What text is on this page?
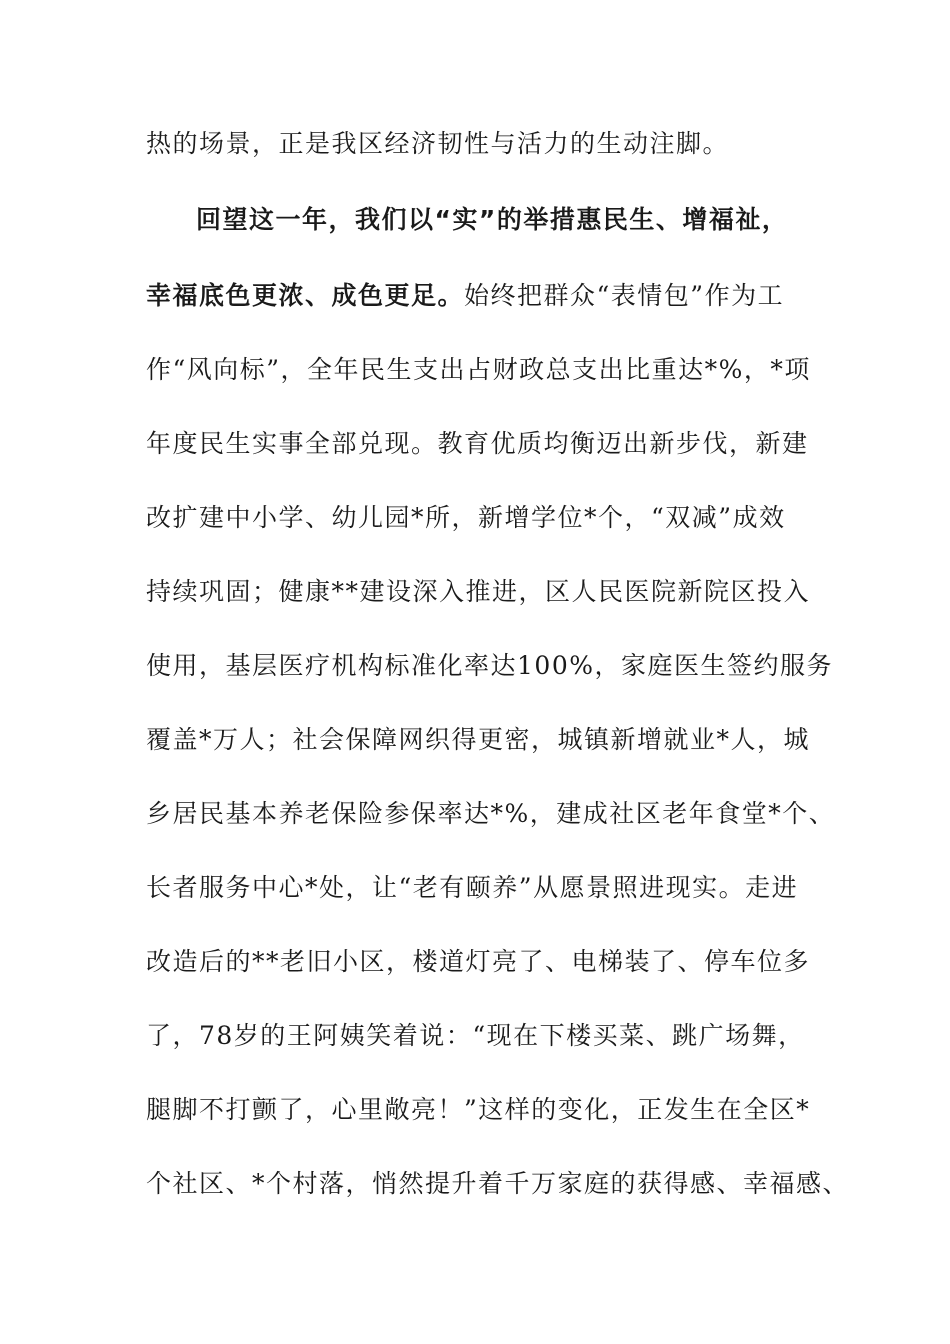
热的场景，正是我区经济韧性与活力的生动注脚。
回望这一年，我们以“实”的举措惠民生、增福祉，
幸福底色更浓、成色更足。始终把群众“表情包”作为工
作“风向标”，全年民生支出占财政总支出比重达*%，*项
年度民生实事全部兑现。教育优质均衡迈出新步伐，新建
改扩建中小学、幼儿园*所，新增学位*个，“双减”成效
持续巩固；健康**建设深入推进，区人民医院新院区投入
使用，基层医疗机构标准化率达100%，家庭医生签约服务
覆盖*万人；社会保障网织得更密，城镇新增就业*人，城
乡居民基本养老保险参保率达*%，建成社区老年食堂*个、
长者服务中心*处，让“老有颐养”从愿景照进现实。走进
改造后的**老旧小区，楼道灯亮了、电梯装了、停车位多
了，78岁的王阿姨笑着说：“现在下楼买菜、跳广场舞，
腿脚不打颤了，心里敞亮！”这样的变化，正发生在全区*
个社区、*个村落，悄然提升着千万家庭的获得感、幸福感、
